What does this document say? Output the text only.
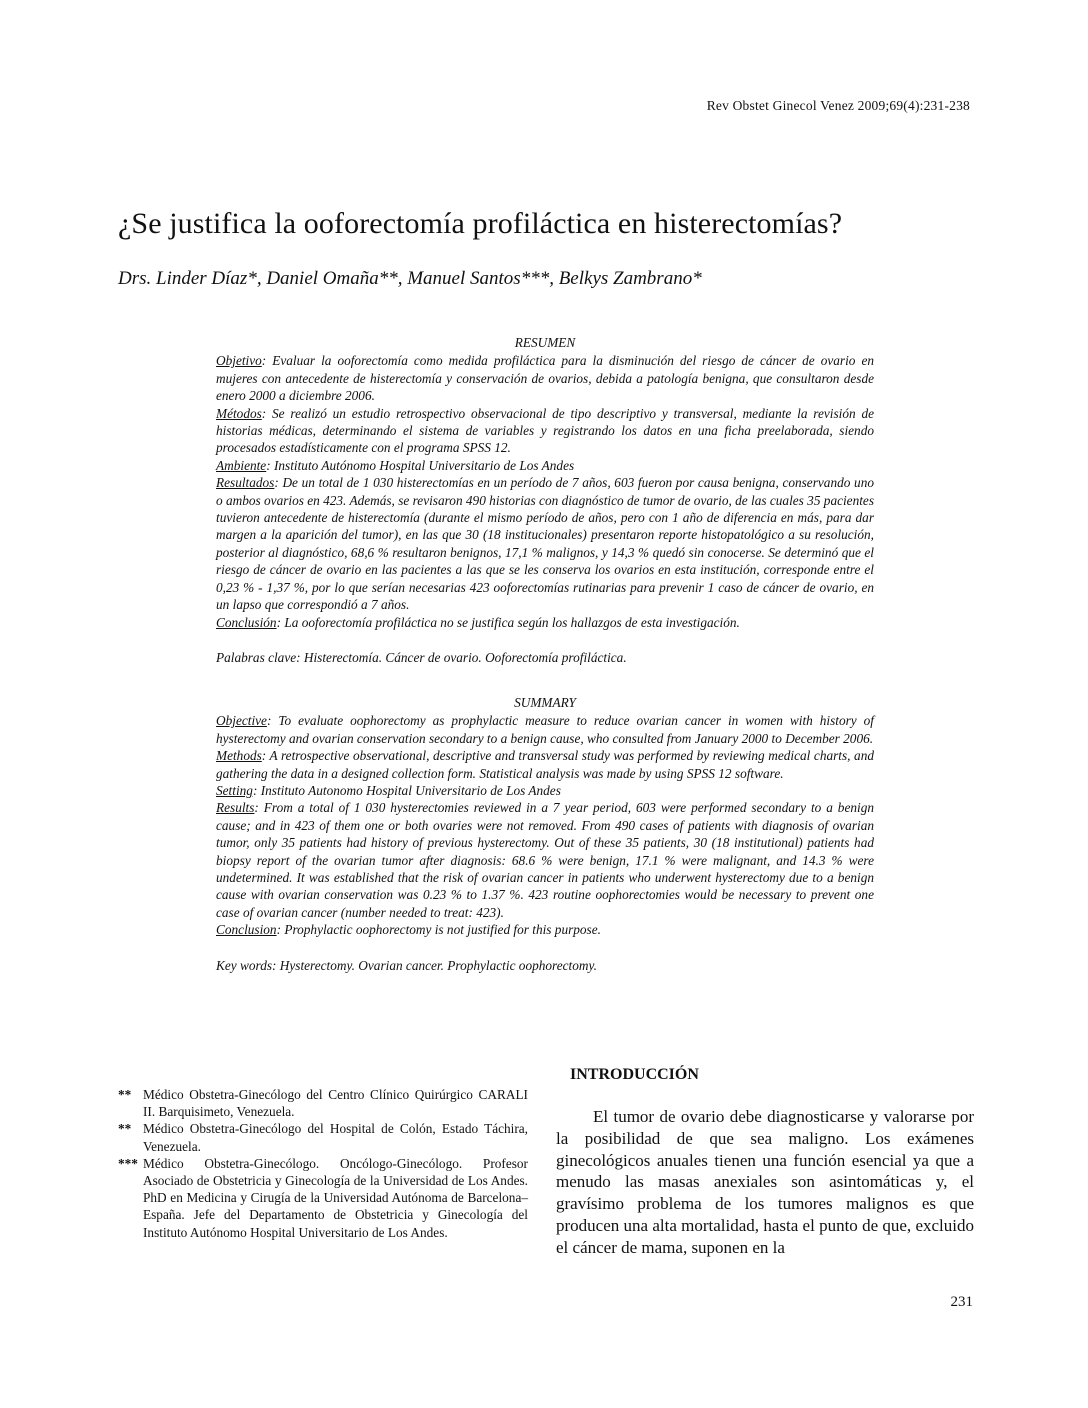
Rev Obstet Ginecol Venez 2009;69(4):231-238
¿Se justifica la ooforectomía profiláctica en histerectomías?
Drs. Linder Díaz*, Daniel Omaña**, Manuel Santos***, Belkys Zambrano*
RESUMEN

Objetivo: Evaluar la ooforectomía como medida profiláctica para la disminución del riesgo de cáncer de ovario en mujeres con antecedente de histerectomía y conservación de ovarios, debida a patología benigna, que consultaron desde enero 2000 a diciembre 2006.

Métodos: Se realizó un estudio retrospectivo observacional de tipo descriptivo y transversal, mediante la revisión de historias médicas, determinando el sistema de variables y registrando los datos en una ficha preelaborada, siendo procesados estadísticamente con el programa SPSS 12.

Ambiente: Instituto Autónomo Hospital Universitario de Los Andes

Resultados: De un total de 1 030 histerectomías en un período de 7 años, 603 fueron por causa benigna, conservando uno o ambos ovarios en 423. Además, se revisaron 490 historias con diagnóstico de tumor de ovario, de las cuales 35 pacientes tuvieron antecedente de histerectomía (durante el mismo período de años, pero con 1 año de diferencia en más, para dar margen a la aparición del tumor), en las que 30 (18 institucionales) presentaron reporte histopatológico a su resolución, posterior al diagnóstico, 68,6 % resultaron benignos, 17,1 % malignos, y 14,3 % quedó sin conocerse. Se determinó que el riesgo de cáncer de ovario en las pacientes a las que se les conserva los ovarios en esta institución, corresponde entre el 0,23 % - 1,37 %, por lo que serían necesarias 423 ooforectomías rutinarias para prevenir 1 caso de cáncer de ovario, en un lapso que correspondió a 7 años.

Conclusión: La ooforectomía profiláctica no se justifica según los hallazgos de esta investigación.

Palabras clave: Histerectomía. Cáncer de ovario. Ooforectomía profiláctica.

SUMMARY

Objective: To evaluate oophorectomy as prophylactic measure to reduce ovarian cancer in women with history of hysterectomy and ovarian conservation secondary to a benign cause, who consulted from January 2000 to December 2006.

Methods: A retrospective observational, descriptive and transversal study was performed by reviewing medical charts, and gathering the data in a designed collection form. Statistical analysis was made by using SPSS 12 software.

Setting: Instituto Autonomo Hospital Universitario de Los Andes

Results: From a total of 1 030 hysterectomies reviewed in a 7 year period, 603 were performed secondary to a benign cause; and in 423 of them one or both ovaries were not removed. From 490 cases of patients with diagnosis of ovarian tumor, only 35 patients had history of previous hysterectomy. Out of these 35 patients, 30 (18 institutional) patients had biopsy report of the ovarian tumor after diagnosis: 68.6 % were benign, 17.1 % were malignant, and 14.3 % were undetermined. It was established that the risk of ovarian cancer in patients who underwent hysterectomy due to a benign cause with ovarian conservation was 0.23 % to 1.37 %. 423 routine oophorectomies would be necessary to prevent one case of ovarian cancer (number needed to treat: 423).

Conclusion: Prophylactic oophorectomy is not justified for this purpose.

Key words: Hysterectomy. Ovarian cancer. Prophylactic oophorectomy.

** Médico Obstetra-Ginecólogo del Centro Clínico Quirúrgico CARALI II. Barquisimeto, Venezuela.
** Médico Obstetra-Ginecólogo del Hospital de Colón, Estado Táchira, Venezuela.
*** Médico Obstetra-Ginecólogo. Oncólogo-Ginecólogo. Profesor Asociado de Obstetricia y Ginecología de la Universidad de Los Andes. PhD en Medicina y Cirugía de la Universidad Autónoma de Barcelona–España. Jefe del Departamento de Obstetricia y Ginecología del Instituto Autónomo Hospital Universitario de Los Andes.
INTRODUCCIÓN

El tumor de ovario debe diagnosticarse y valorarse por la posibilidad de que sea maligno. Los exámenes ginecológicos anuales tienen una función esencial ya que a menudo las masas anexiales son asintomáticas y, el gravísimo problema de los tumores malignos es que producen una alta mortalidad, hasta el punto de que, excluido el cáncer de mama, suponen en la

231
